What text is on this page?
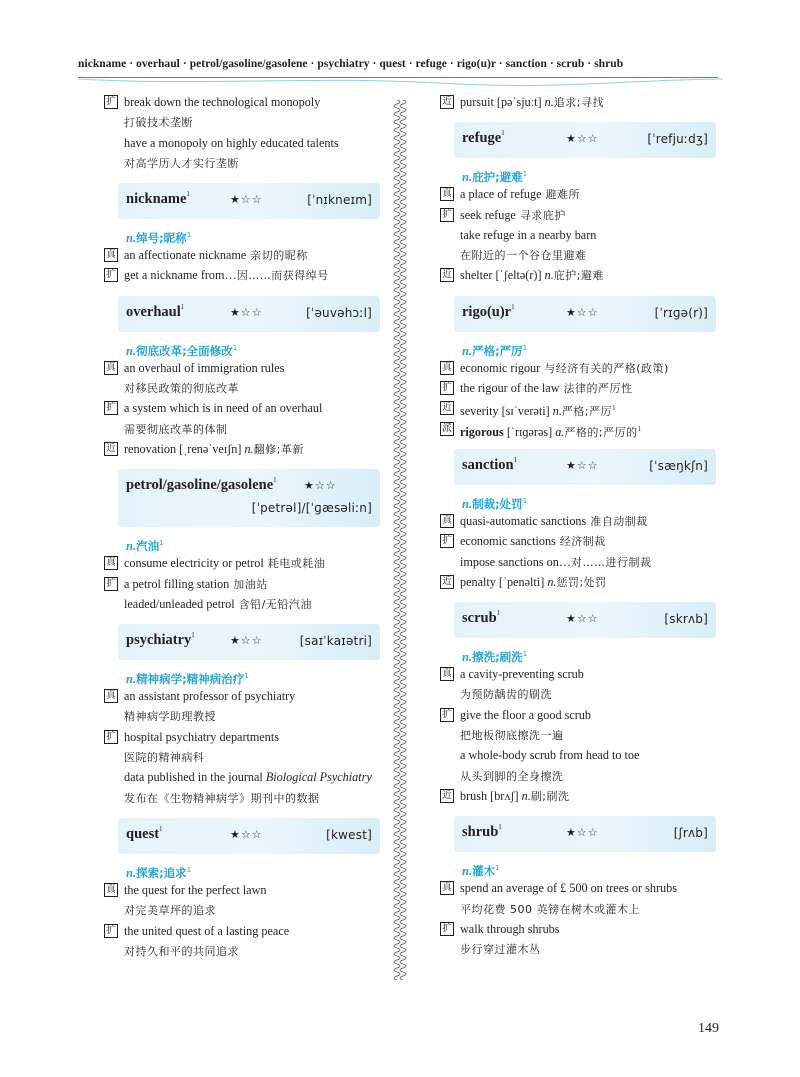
nickname · overhaul · petrol/gasoline/gasolene · psychiatry · quest · refuge · rigo(u)r · sanction · scrub · shrub
扩 break down the technological monopoly
打破技术垄断
have a monopoly on highly educated talents
对高学历人才实行垄断
nickname$^1$	★☆☆	[ˈnɪkneɪm]
n.绰号;昵称$^1$
真 an affectionate nickname 亲切的昵称
扩 get a nickname from…因……而获得绰号
overhaul$^1$	★☆☆	[ˈəuvəhɔːl]
n.彻底改革;全面修改$^1$
真 an overhaul of immigration rules
对移民政策的彻底改革
扩 a system which is in need of an overhaul
需要彻底改革的体制
近 renovation [ˌrenəˈveɪʃn] n.翻修;革新
petrol/gasoline/gasolene$^1$ ★☆☆
[ˈpetrəl]/[ˈɡæsəliːn]
n.汽油$^1$
真 consume electricity or petrol 耗电或耗油
扩 a petrol filling station 加油站
leaded/unleaded petrol 含铅/无铅汽油
psychiatry$^1$	★☆☆	[saɪˈkaɪətri]
n.精神病学;精神病治疗$^1$
真 an assistant professor of psychiatry
精神病学助理教授
扩 hospital psychiatry departments
医院的精神病科
data published in the journal Biological Psychiatry
发布在《生物精神病学》期刊中的数据
quest$^1$	★☆☆	[kwest]
n.探索;追求$^1$
真 the quest for the perfect lawn
对完美草坪的追求
扩 the united quest of a lasting peace
对持久和平的共同追求
近 pursuit [pəˈsjuːt] n.追求;寻找
refuge$^1$	★☆☆	[ˈrefjuːdʒ]
n.庇护;避难$^1$
真 a place of refuge 避难所
扩 seek refuge 寻求庇护
take refuge in a nearby barn
在附近的一个谷仓里避难
近 shelter [ˈʃeltə(r)] n.庇护;避难
$rigo(u)r^1$	★☆☆	[ˈrɪɡə(r)]
n.严格;严厉$^1$
真 economic rigour 与经济有关的严格(政策)
扩 the rigour of the law 法律的严厉性
近 severity [sɪˈverəti] n.严格;严厉$^1$
派 rigorous [ˈrɪɡərəs] a.严格的;严厉的$^1$
sanction$^1$	★☆☆	[ˈsæŋkʃn]
n.制裁;处罚$^1$
真 quasi-automatic sanctions 准自动制裁
扩 economic sanctions 经济制裁
impose sanctions on…对……进行制裁
近 penalty [ˈpenəlti] n.惩罚;处罚
scrub$^1$	★☆☆	[skrʌb]
n.擦洗;刷洗$^1$
真 a cavity-preventing scrub
为预防龋齿的刷洗
扩 give the floor a good scrub
把地板彻底擦洗一遍
a whole-body scrub from head to toe
从头到脚的全身擦洗
近 brush [brʌʃ] n.刷;刷洗
shrub$^1$	★☆☆	[ʃrʌb]
n.灌木$^1$
真 spend an average of £ 500 on trees or shrubs
平均花费 500 英镑在树木或灌木上
扩 walk through shrubs
步行穿过灌木丛
149
